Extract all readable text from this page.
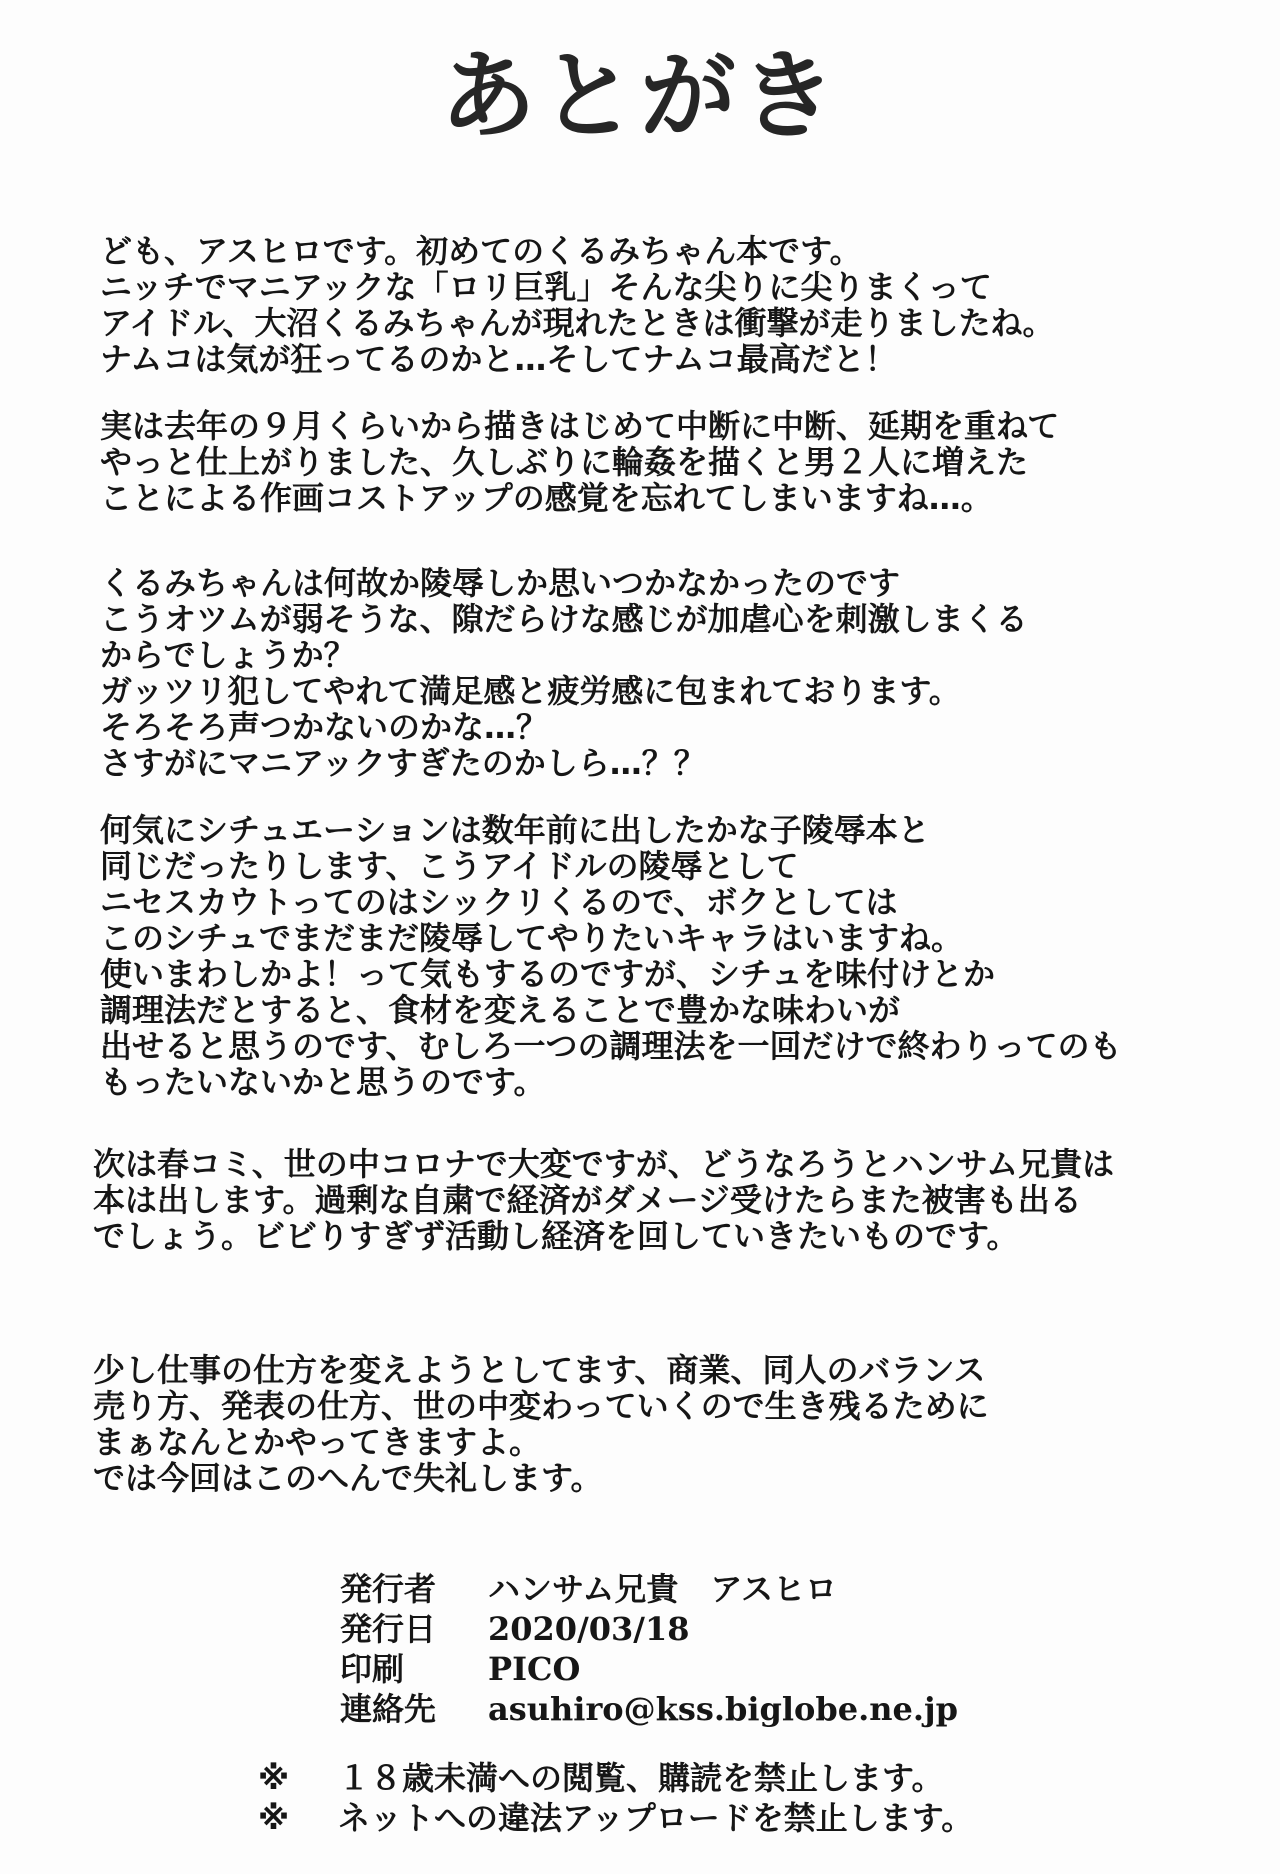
あとがき
ども、アスヒロです。初めてのくるみちゃん本です。
ニッチでマニアックな「ロリ巨乳」そんな尖りに尖りまくって
アイドル、大沼くるみちゃんが現れたときは衝撃が走りましたね。
ナムコは気が狂ってるのかと…そしてナムコ最高だと！
実は去年の９月くらいから描きはじめて中断に中断、延期を重ねて
やっと仕上がりました、久しぶりに輪姦を描くと男２人に増えた
ことによる作画コストアップの感覚を忘れてしまいますね…。
くるみちゃんは何故か陵辱しか思いつかなかったのです
こうオツムが弱そうな、隙だらけな感じが加虐心を刺激しまくる
からでしょうか？
ガッツリ犯してやれて満足感と疲労感に包まれております。
そろそろ声つかないのかな…？
さすがにマニアックすぎたのかしら…？？
何気にシチュエーションは数年前に出したかな子陵辱本と
同じだったりします、こうアイドルの陵辱として
ニセスカウトってのはシックリくるので、ボクとしては
このシチュでまだまだ陵辱してやりたいキャラはいますね。
使いまわしかよ！って気もするのですが、シチュを味付けとか
調理法だとすると、食材を変えることで豊かな味わいが
出せると思うのです、むしろ一つの調理法を一回だけで終わりってのも
もったいないかと思うのです。
次は春コミ、世の中コロナで大変ですが、どうなろうとハンサム兄貴は
本は出します。過剰な自粛で経済がダメージ受けたらまた被害も出る
でしょう。ビビりすぎず活動し経済を回していきたいものです。
少し仕事の仕方を変えようとしてます、商業、同人のバランス
売り方、発表の仕方、世の中変わっていくので生き残るために
まぁなんとかやってきますよ。
では今回はこのへんで失礼します。
発行者	ハンサム兄貴　アスヒロ
発行日	2020/03/18
印刷	PICO
連絡先	asuhiro@kss.biglobe.ne.jp
※	１８歳未満への閲覧、購読を禁止します。
※	ネットへの違法アップロードを禁止します。
